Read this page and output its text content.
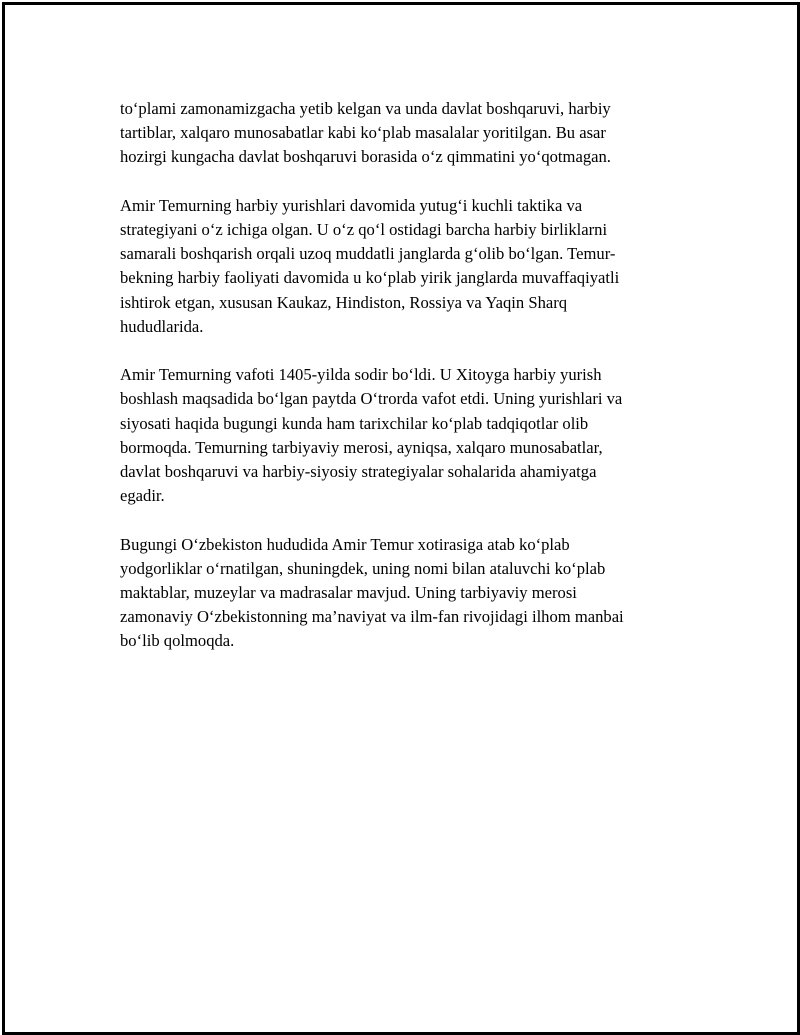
to‘plami zamonamizgacha yetib kelgan va unda davlat boshqaruvi, harbiy
tartiblar, xalqaro munosabatlar kabi ko‘plab masalalar yoritilgan. Bu asar
hozirgi kungacha davlat boshqaruvi borasida o‘z qimmatini yo‘qotmagan.

Amir Temurning harbiy yurishlari davomida yutug‘i kuchli taktika va
strategiyani o‘z ichiga olgan. U o‘z qo‘l ostidagi barcha harbiy birliklarni
samarali boshqarish orqali uzoq muddatli janglarda g‘olib bo‘lgan. Temur-
bekning harbiy faoliyati davomida u ko‘plab yirik janglarda muvaffaqiyatli
ishtirok etgan, xususan Kaukaz, Hindiston, Rossiya va Yaqin Sharq
hududlarida.

Amir Temurning vafoti 1405-yilda sodir bo‘ldi. U Xitoyga harbiy yurish
boshlash maqsadida bo‘lgan paytda O‘trorda vafot etdi. Uning yurishlari va
siyosati haqida bugungi kunda ham tarixchilar ko‘plab tadqiqotlar olib
bormoqda. Temurning tarbiyaviy merosi, ayniqsa, xalqaro munosabatlar,
davlat boshqaruvi va harbiy-siyosiy strategiyalar sohalarida ahamiyatga
egadir.

Bugungi O‘zbekiston hududida Amir Temur xotirasiga atab ko‘plab
yodgorliklar o‘rnatilgan, shuningdek, uning nomi bilan ataluvchi ko‘plab
maktablar, muzeylar va madrasalar mavjud. Uning tarbiyaviy merosi
zamonaviy O‘zbekistonning ma’naviyat va ilm-fan rivojidagi ilhom manbai
bo‘lib qolmoqda.
